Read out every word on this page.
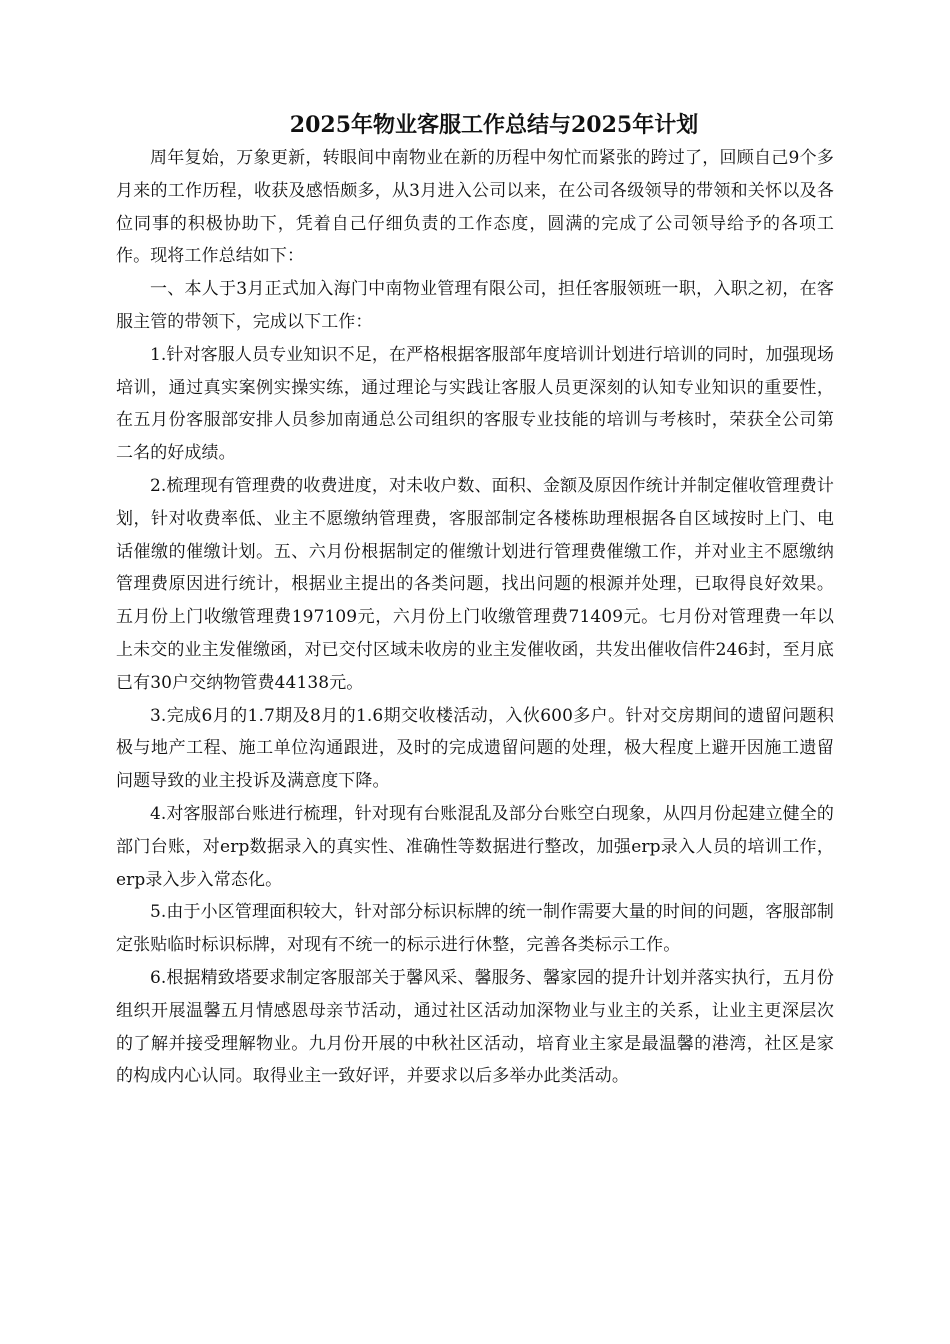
2025年物业客服工作总结与2025年计划

周年复始，万象更新，转眼间中南物业在新的历程中匆忙而紧张的跨过了，回顾自己9个多月来的工作历程，收获及感悟颇多，从3月进入公司以来，在公司各级领导的带领和关怀以及各位同事的积极协助下，凭着自己仔细负责的工作态度，圆满的完成了公司领导给予的各项工作。现将工作总结如下：

一、本人于3月正式加入海门中南物业管理有限公司，担任客服领班一职，入职之初，在客服主管的带领下，完成以下工作：

1.针对客服人员专业知识不足，在严格根据客服部年度培训计划进行培训的同时，加强现场培训，通过真实案例实操实练，通过理论与实践让客服人员更深刻的认知专业知识的重要性，在五月份客服部安排人员参加南通总公司组织的客服专业技能的培训与考核时，荣获全公司第二名的好成绩。

2.梳理现有管理费的收费进度，对未收户数、面积、金额及原因作统计并制定催收管理费计划，针对收费率低、业主不愿缴纳管理费，客服部制定各楼栋助理根据各自区域按时上门、电话催缴的催缴计划。五、六月份根据制定的催缴计划进行管理费催缴工作，并对业主不愿缴纳管理费原因进行统计，根据业主提出的各类问题，找出问题的根源并处理，已取得良好效果。五月份上门收缴管理费197109元，六月份上门收缴管理费71409元。七月份对管理费一年以上未交的业主发催缴函，对已交付区域未收房的业主发催收函，共发出催收信件246封，至月底已有30户交纳物管费44138元。

3.完成6月的1.7期及8月的1.6期交收楼活动，入伙600多户。针对交房期间的遗留问题积极与地产工程、施工单位沟通跟进，及时的完成遗留问题的处理，极大程度上避开因施工遗留问题导致的业主投诉及满意度下降。

4.对客服部台账进行梳理，针对现有台账混乱及部分台账空白现象，从四月份起建立健全的部门台账，对erp数据录入的真实性、准确性等数据进行整改，加强erp录入人员的培训工作，erp录入步入常态化。

5.由于小区管理面积较大，针对部分标识标牌的统一制作需要大量的时间的问题，客服部制定张贴临时标识标牌，对现有不统一的标示进行休整，完善各类标示工作。

6.根据精致塔要求制定客服部关于馨风采、馨服务、馨家园的提升计划并落实执行，五月份组织开展温馨五月情感恩母亲节活动，通过社区活动加深物业与业主的关系，让业主更深层次的了解并接受理解物业。九月份开展的中秋社区活动，培育业主家是最温馨的港湾，社区是家的构成内心认同。取得业主一致好评，并要求以后多举办此类活动。
